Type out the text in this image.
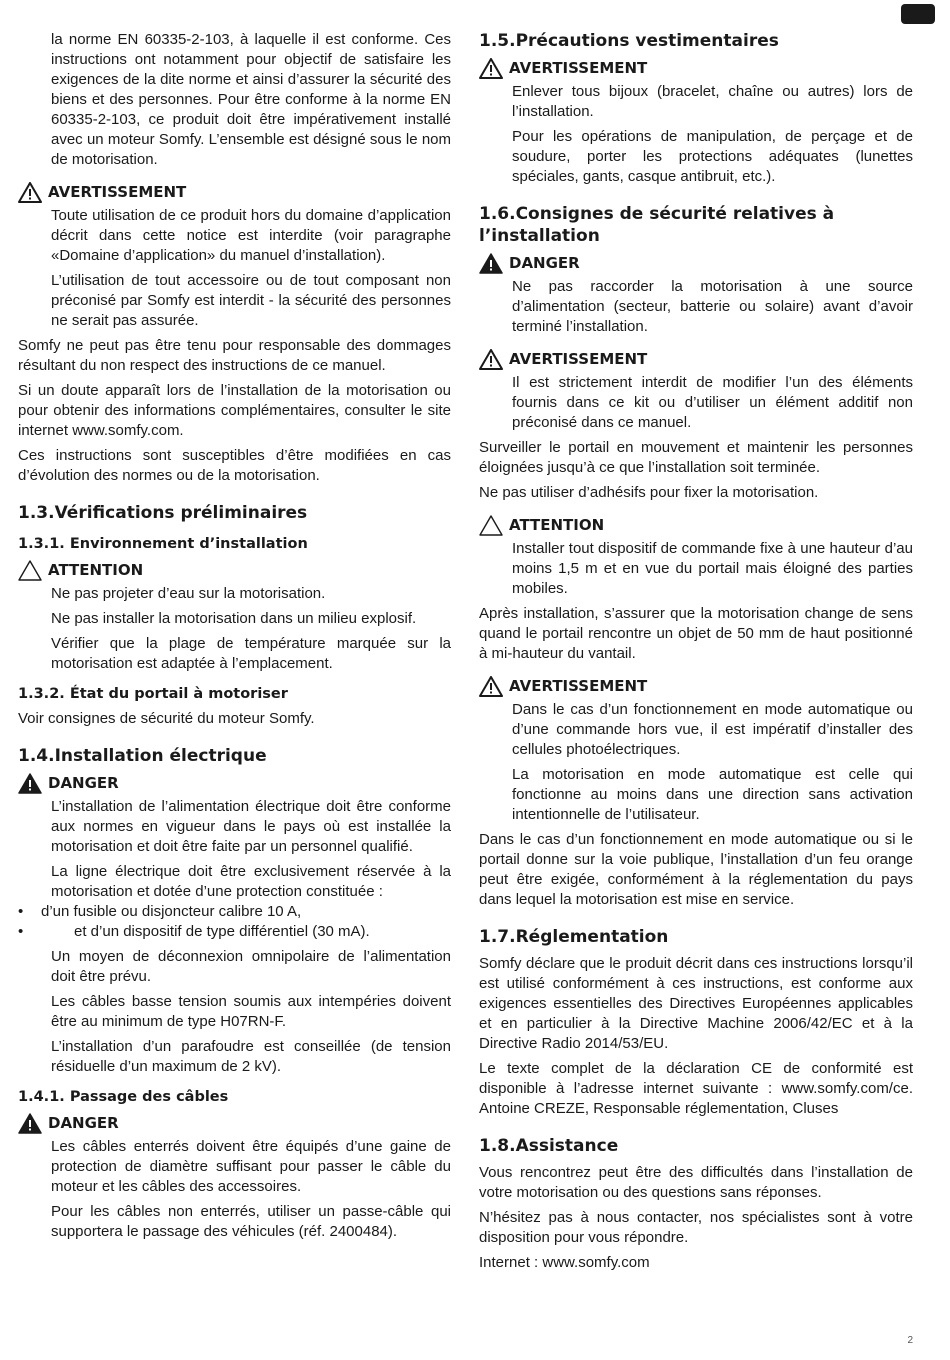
la norme EN 60335-2-103, à laquelle il est conforme. Ces instructions ont notamment pour objectif de satisfaire les exigences de la dite norme et ainsi d’assurer la sécurité des biens et des personnes. Pour être conforme à la norme EN 60335-2-103, ce produit doit être impérativement installé avec un moteur Somfy. L’ensemble est désigné sous le nom de motorisation.

AVERTISSEMENT

Toute utilisation de ce produit hors du domaine d’application décrit dans cette notice est interdite (voir paragraphe «Domaine d’application» du manuel d’installation).

L’utilisation de tout accessoire ou de tout composant non préconisé par Somfy est interdit - la sécurité des personnes ne serait pas assurée.

Somfy ne peut pas être tenu pour responsable des dommages résultant du non respect des instructions de ce manuel.

Si un doute apparaît lors de l’installation de la motorisation ou pour obtenir des informations complémentaires, consulter le site internet www.somfy.com.

Ces instructions sont susceptibles d’être modifiées en cas d’évolution des normes ou de la motorisation.

1.3.Vérifications préliminaires
1.3.1. Environnement d’installation
ATTENTION

Ne pas projeter d’eau sur la motorisation.

Ne pas installer la motorisation dans un milieu explosif.

Vérifier que la plage de température marquée sur la motorisation est adaptée à l’emplacement.

1.3.2. État du portail à motoriser

Voir consignes de sécurité du moteur Somfy.

1.4.Installation électrique
DANGER

L’installation de l’alimentation électrique doit être conforme aux normes en vigueur dans le pays où est installée la motorisation et doit être faite par un personnel qualifié.

La ligne électrique doit être exclusivement réservée à la motorisation et dotée d’une protection constituée :

• d’un fusible ou disjoncteur calibre 10 A,
• et d’un dispositif de type différentiel (30 mA).

Un moyen de déconnexion omnipolaire de l’alimentation doit être prévu.

Les câbles basse tension soumis aux intempéries doivent être au minimum de type H07RN-F.

L’installation d’un parafoudre est conseillée (de tension résiduelle d’un maximum de 2 kV).

1.4.1. Passage des câbles
DANGER

Les câbles enterrés doivent être équipés d’une gaine de protection de diamètre suffisant pour passer le câble du moteur et les câbles des accessoires.

Pour les câbles non enterrés, utiliser un passe-câble qui supportera le passage des véhicules (réf. 2400484).

1.5.Précautions vestimentaires
AVERTISSEMENT

Enlever tous bijoux (bracelet, chaîne ou autres) lors de l’installation.

Pour les opérations de manipulation, de perçage et de soudure, porter les protections adéquates (lunettes spéciales, gants, casque antibruit, etc.).

1.6.Consignes de sécurité relatives à l’installation
DANGER

Ne pas raccorder la motorisation à une source d’alimentation (secteur, batterie ou solaire) avant d’avoir terminé l’installation.

AVERTISSEMENT

Il est strictement interdit de modifier l’un des éléments fournis dans ce kit ou d’utiliser un élément additif non préconisé dans ce manuel.

Surveiller le portail en mouvement et maintenir les personnes éloignées jusqu’à ce que l’installation soit terminée.

Ne pas utiliser d’adhésifs pour fixer la motorisation.

ATTENTION

Installer tout dispositif de commande fixe à une hauteur d’au moins 1,5 m et en vue du portail mais éloigné des parties mobiles.

Après installation, s’assurer que la motorisation change de sens quand le portail rencontre un objet de 50 mm de haut positionné à mi-hauteur du vantail.

AVERTISSEMENT

Dans le cas d’un fonctionnement en mode automatique ou d’une commande hors vue, il est impératif d’installer des cellules photoélectriques.

La motorisation en mode automatique est celle qui fonctionne au moins dans une direction sans activation intentionnelle de l’utilisateur.

Dans le cas d’un fonctionnement en mode automatique ou si le portail donne sur la voie publique, l’installation d’un feu orange peut être exigée, conformément à la réglementation du pays dans lequel la motorisation est mise en service.

1.7.Réglementation

Somfy déclare que le produit décrit dans ces instructions lorsqu’il est utilisé conformément à ces instructions, est conforme aux exigences essentielles des Directives Européennes applicables et en particulier à la Directive Machine 2006/42/EC et à la Directive Radio 2014/53/EU.

Le texte complet de la déclaration CE de conformité est disponible à l’adresse internet suivante : www.somfy.com/ce. Antoine CREZE, Responsable réglementation, Cluses

1.8.Assistance

Vous rencontrez peut être des difficultés dans l’installation de votre motorisation ou des questions sans réponses.

N’hésitez pas à nous contacter, nos spécialistes sont à votre disposition pour vous répondre.

Internet : www.somfy.com

2
